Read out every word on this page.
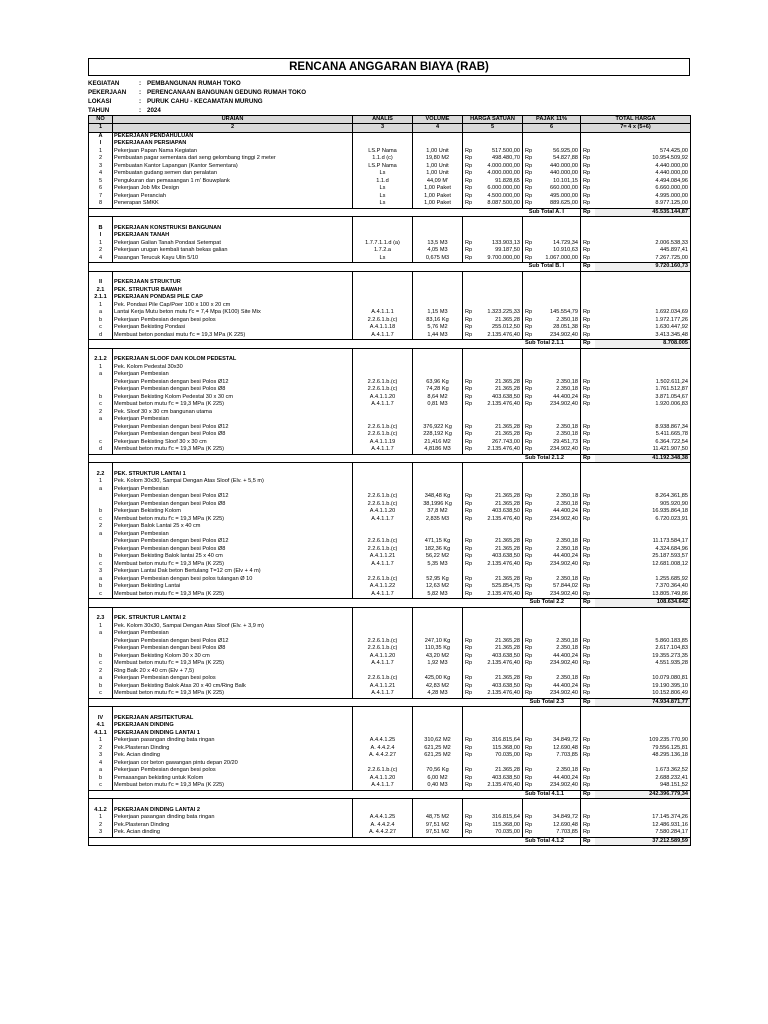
RENCANA ANGGARAN BIAYA (RAB)
KEGIATAN	: PEMBANGUNAN RUMAH TOKO
PEKERJAAN	: PERENCANAAN BANGUNAN GEDUNG RUMAH TOKO
LOKASI	: PURUK CAHU - KECAMATAN MURUNG
TAHUN	: 2024
NO	URAIAN	ANALIS	VOLUME	HARGA SATUAN		PAJAK 11%		TOTAL HARGA	
1	2	3	4	5		6		7= 4 x (5+6)	
A	PEKERJAAN PENDAHULUAN								
I	PEKERJAAAN PERSIAPAN								
1	Pekerjaan Papan Nama Kegiatan	LS.P Nama	1,00 Unit	Rp	517.500,00	Rp	56.925,00	Rp	574.425,00
2	Pembuatan pagar sementara dari seng gelombang tinggi 2 meter	1.1.d (c)	19,80 M2	Rp	498.480,70	Rp	54.827,88	Rp	10.954.509,92
3	Pembuatan Kantor Lapangan (Kantor Sementara)	LS.P Nama	1,00 Unit	Rp	4.000.000,00	Rp	440.000,00	Rp	4.440.000,00
4	Pembuatan gudang semen dan peralatan	Ls	1,00 Unit	Rp	4.000.000,00	Rp	440.000,00	Rp	4.440.000,00
5	Pengukuran dan pemasangan 1 m' Bouwplank	1.1.d	44,09 M'	Rp	91.828,65	Rp	10.101,15	Rp	4.494.084,96
6	Pekerjaan Job Mix Design	Ls	1,00 Paket	Rp	6.000.000,00	Rp	660.000,00	Rp	6.660.000,00
7	Pekerjaan Peranciah	Ls	1,00 Paket	Rp	4.500.000,00	Rp	495.000,00	Rp	4.995.000,00
8	Penerapan SMKK	Ls	1,00 Paket	Rp	8.087.500,00	Rp	889.625,00	Rp	8.977.125,00
Sub Total A. I								Rp	45.535.144,87

B	PEKERJAAN KONSTRUKSI BANGUNAN								
I	PEKERJAAN TANAH								
1	Pekerjaan Galian Tanah Pondasi Setempat	1.7.7.1.1.d (a)	13,5 M3	Rp	133.903,13	Rp	14.729,34	Rp	2.006.538,33
2	Pekerjaan urugan kembali tanah bekas galian	1.7.2.a	4,05 M3	Rp	99.187,50	Rp	10.910,63	Rp	445.897,41
4	Pasangan Terucuk Kayu Ulin 5/10	Ls	0,675 M3	Rp	9.700.000,00	Rp	1.067.000,00	Rp	7.267.725,00
Sub Total B. I								Rp	9.720.160,73

II	PEKERJAAN STRUKTUR								
2.1	PEK. STRUKTUR BAWAH								
2.1.1	PEKERJAAN PONDASI PILE CAP								
1	Pek. Pondasi Pile Cap/Poer 100 x 100 x 20 cm								
a	Lantai Kerja Mutu beton mutu f'c = 7,4 Mpa (K100) Site Mix	A.4.1.1.1	1,15 M3	Rp	1.323.225,33	Rp	145.554,79	Rp	1.692.034,69
b	Pekerjaan Pembesian dengan besi polos	2.2.6.1.b.(c)	83,16 Kg	Rp	21.365,28	Rp	2.350,18	Rp	1.972.177,26
c	Pekerjaan Bekisting Pondasi	A.4.1.1.18	5,76 M2	Rp	255.012,50	Rp	28.051,38	Rp	1.630.447,92
d	Membuat beton pondasi mutu f'c = 19,3 MPa (K 225)	A.4.1.1.7	1,44 M3	Rp	2.135.476,40	Rp	234.902,40	Rp	3.413.345,48
Sub Total 2.1.1								Rp	8.708.005

2.1.2	PEKERJAAN SLOOF DAN KOLOM PEDESTAL								
1	Pek. Kolom Pedestal 30x30								
a	Pekerjaan Pembesian								
	Pekerjaan Pembesian dengan besi Polos Ø12	2.2.6.1.b.(c)	63,96 Kg	Rp	21.365,28	Rp	2.350,18	Rp	1.502.611,24
	Pekerjaan Pembesian dengan besi Polos Ø8	2.2.6.1.b.(c)	74,28 Kg	Rp	21.365,28	Rp	2.350,18	Rp	1.761.512,87
b	Pekerjaan Bekisting Kolom Pedestal 30 x 30 cm	A.4.1.1.20	8,64 M2	Rp	403.638,50	Rp	44.400,24	Rp	3.871.054,67
c	Membuat beton mutu f'c = 19,3 MPa (K 225)	A.4.1.1.7	0,81 M3	Rp	2.135.476,40	Rp	234.902,40	Rp	1.920.006,83
2	Pek. Sloof 30 x 30 cm bangunan utama								
a	Pekerjaan Pembesian								
	Pekerjaan Pembesian dengan besi Polos Ø12	2.2.6.1.b.(c)	376,922 Kg	Rp	21.365,28	Rp	2.350,18	Rp	8.938.867,34
	Pekerjaan Pembesian dengan besi Polos Ø8	2.2.6.1.b.(c)	228,192 Kg	Rp	21.365,28	Rp	2.350,18	Rp	5.411.665,78
c	Pekerjaan Bekisting Sloof 30 x 30 cm	A.4.1.1.19	21,416 M2	Rp	267.743,00	Rp	29.451,73	Rp	6.364.722,54
d	Membuat beton mutu f'c = 19,3 MPa (K 225)	A.4.1.1.7	4,8186 M3	Rp	2.135.476,40	Rp	234.902,40	Rp	11.421.907,50
Sub Total 2.1.2								Rp	41.192.348,38

2.2	PEK. STRUKTUR LANTAI 1								
1	Pek. Kolom 30x30, Sampai Dengan Atas Sloof (Elv. + 5,5 m)								
a	Pekerjaan Pembesian								
	Pekerjaan Pembesian dengan besi Polos Ø12	2.2.6.1.b.(c)	348,48 Kg	Rp	21.365,28	Rp	2.350,18	Rp	8.264.361,85
	Pekerjaan Pembesian dengan besi Polos Ø8	2.2.6.1.b.(c)	38,1996 Kg	Rp	21.365,28	Rp	2.350,18	Rp	905.920,90
b	Pekerjaan Bekisting Kolom	A.4.1.1.20	37,8 M2	Rp	403.638,50	Rp	44.400,24	Rp	16.935.864,18
c	Membuat beton mutu f'c = 19,3 MPa (K 225)	A.4.1.1.7	2,835 M3	Rp	2.135.476,40	Rp	234.902,40	Rp	6.720.023,91
2	Pekerjaan Balok Lantai 25 x 40 cm								
a	Pekerjaan Pembesian								
	Pekerjaan Pembesian dengan besi Polos Ø12	2.2.6.1.b.(c)	471,15 Kg	Rp	21.365,28	Rp	2.350,18	Rp	11.173.584,17
	Pekerjaan Pembesian dengan besi Polos Ø8	2.2.6.1.b.(c)	182,36 Kg	Rp	21.365,28	Rp	2.350,18	Rp	4.324.684,96
b	Pekerjaan Bekisting Balok lantai 25 x 40 cm	A.4.1.1.21	56,22 M2	Rp	403.638,50	Rp	44.400,24	Rp	25.187.593,57
c	Membuat beton mutu f'c = 19,3 MPa (K 225)	A.4.1.1.7	5,35 M3	Rp	2.135.476,40	Rp	234.902,40	Rp	12.681.008,12
3	Pekerjaan Lantai Dak beton Bertulang T=12 cm (Elv + 4 m)								
a	Pekerjaan Pembesian dengan besi polos tulangan Ø 10	2.2.6.1.b.(c)	52,95 Kg	Rp	21.365,28	Rp	2.350,18	Rp	1.255.685,92
b	Pekerjaan Bekisting Lantai	A.4.1.1.22	12,63 M2	Rp	525.854,75	Rp	57.844,02	Rp	7.370.364,40
c	Membuat beton mutu f'c = 19,3 MPa (K 225)	A.4.1.1.7	5,82 M3	Rp	2.135.476,40	Rp	234.902,40	Rp	13.805.749,86
Sub Total 2.2								Rp	108.634.642

2.3	PEK. STRUKTUR LANTAI 2								
1	Pek. Kolom 30x30, Sampai Dengan Atas Sloof (Elv. + 3,9 m)								
a	Pekerjaan Pembesian								
	Pekerjaan Pembesian dengan besi Polos Ø12	2.2.6.1.b.(c)	247,10 Kg	Rp	21.365,28	Rp	2.350,18	Rp	5.860.183,85
	Pekerjaan Pembesian dengan besi Polos Ø8	2.2.6.1.b.(c)	110,35 Kg	Rp	21.365,28	Rp	2.350,18	Rp	2.617.104,83
b	Pekerjaan Bekisting Kolom 30 x 30 cm	A.4.1.1.20	43,20 M2	Rp	403.638,50	Rp	44.400,24	Rp	19.355.273,35
c	Membuat beton mutu f'c = 19,3 MPa (K 225)	A.4.1.1.7	1,92 M3	Rp	2.135.476,40	Rp	234.902,40	Rp	4.551.935,28
2	Ring Balk 20 x 40 cm (Elv + 7,5)								
a	Pekerjaan Pembesian dengan besi polos	2.2.6.1.b.(c)	425,00 Kg	Rp	21.365,28	Rp	2.350,18	Rp	10.079.080,81
b	Pekerjaan Bekisting Balok Atas 20 x 40 cm/Ring Balk	A.4.1.1.21	42,83 M2	Rp	403.638,50	Rp	44.400,24	Rp	19.190.395,10
c	Membuat beton mutu f'c = 19,3 MPa (K 225)	A.4.1.1.7	4,28 M3	Rp	2.135.476,40	Rp	234.902,40	Rp	10.152.806,49
Sub Total 2.3								Rp	74.934.871,77

IV	PEKERJAAN ARSITEKTURAL								
4.1	PEKERJAAN DINDING								
4.1.1	PEKERJAAN DINDING LANTAI 1								
1	Pekerjaan pasangan dinding bata ringan	A.4.4.1.25	310,62 M2	Rp	316.815,64	Rp	34.849,72	Rp	109.235.770,90
2	Pek.Plasteran Dinding	A. 4.4.2.4	621,25 M2	Rp	115.368,00	Rp	12.690,48	Rp	79.556.125,81
3	Pek. Acian dinding	A. 4.4.2.27	621,25 M2	Rp	70.035,00	Rp	7.703,85	Rp	48.295.136,18
4	Pekerjaan cor beton gawangan pintu depan 20/20								
a	Pekerjaan Pembesian dengan besi polos	2.2.6.1.b.(c)	70,56 Kg	Rp	21.365,28	Rp	2.350,18	Rp	1.673.362,52
b	Pemasangan bekisting untuk Kolom	A.4.1.1.20	6,00 M2	Rp	403.638,50	Rp	44.400,24	Rp	2.688.232,41
c	Membuat beton mutu f'c = 19,3 MPa (K 225)	A.4.1.1.7	0,40 M3	Rp	2.135.476,40	Rp	234.902,40	Rp	948.151,52
Sub Total 4.1.1								Rp	242.396.779,34

4.1.2	PEKERJAAN DINDING LANTAI 2								
1	Pekerjaan pasangan dinding bata ringan	A.4.4.1.25	48,75 M2	Rp	316.815,64	Rp	34.849,72	Rp	17.145.374,26
2	Pek.Plasteran Dinding	A. 4.4.2.4	97,51 M2	Rp	115.368,00	Rp	12.690,48	Rp	12.486.931,16
3	Pek. Acian dinding	A. 4.4.2.27	97,51 M2	Rp	70.035,00	Rp	7.703,85	Rp	7.580.284,17
Sub Total 4.1.2								Rp	37.212.589,59
